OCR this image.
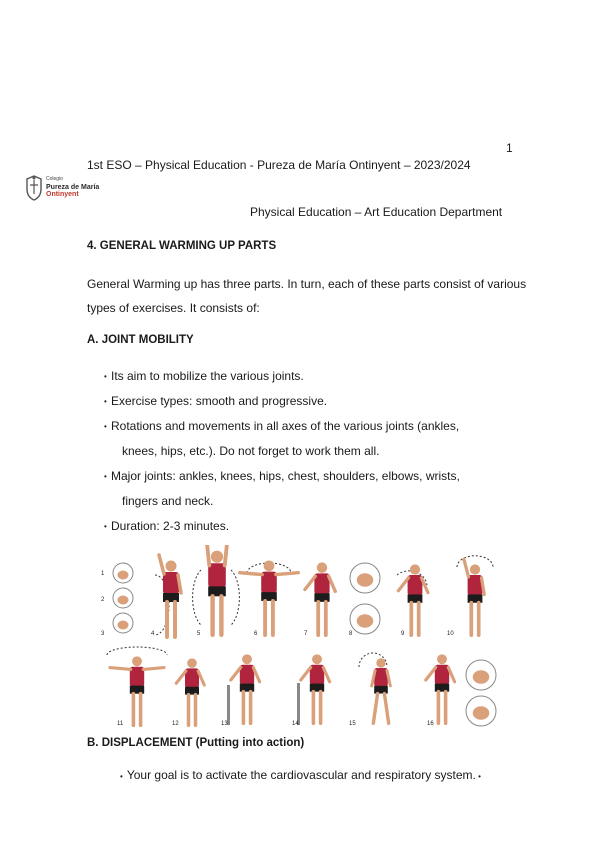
1
1st ESO – Physical Education - Pureza de María Ontinyent – 2023/2024
Colegio
Pureza de María
Ontinyent
Physical Education – Art Education Department
4. GENERAL WARMING UP PARTS
General Warming up has three parts. In turn, each of these parts consist of various types of exercises. It consists of:
A. JOINT MOBILITY
• Its aim to mobilize the various joints.
• Exercise types: smooth and progressive.
• Rotations and movements in all axes of the various joints (ankles,
knees, hips, etc.). Do not forget to work them all.
• Major joints: ankles, knees, hips, chest, shoulders, elbows, wrists,
fingers and neck.
• Duration: 2-3 minutes.
1
2
3	4	5	6	7	8	9	10
11	12	13	14	15	16
B. DISPLACEMENT (Putting into action)
• Your goal is to activate the cardiovascular and respiratory system. •
